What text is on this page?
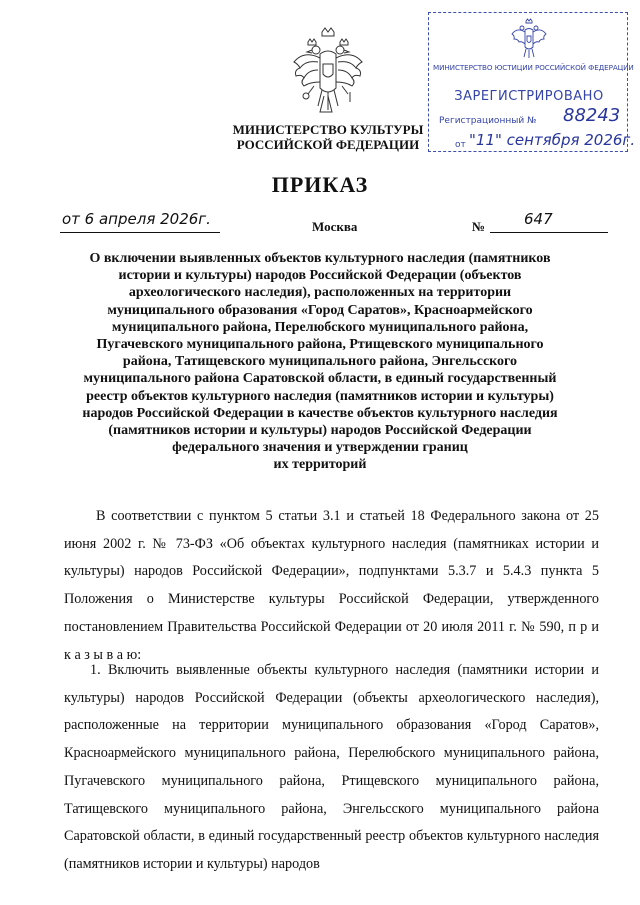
МИНИСТЕРСТВО КУЛЬТУРЫ
РОССИЙСКОЙ ФЕДЕРАЦИИ
МИНИСТЕРСТВО ЮСТИЦИИ РОССИЙСКОЙ ФЕДЕРАЦИИ
ЗАРЕГИСТРИРОВАНО
Регистрационный № 88243
от "11" сентября 2026г.
ПРИКАЗ
от 6 апреля 2026г.	Москва	№	647
О включении выявленных объектов культурного наследия (памятников
истории и культуры) народов Российской Федерации (объектов
археологического наследия), расположенных на территории
муниципального образования «Город Саратов», Красноармейского
муниципального района, Перелюбского муниципального района,
Пугачевского муниципального района, Ртищевского муниципального
района, Татищевского муниципального района, Энгельсского
муниципального района Саратовской области, в единый государственный
реестр объектов культурного наследия (памятников истории и культуры)
народов Российской Федерации в качестве объектов культурного наследия
(памятников истории и культуры) народов Российской Федерации
федерального значения и утверждении границ
их территорий
В соответствии с пунктом 5 статьи 3.1 и статьей 18 Федерального закона от 25 июня 2002 г. № 73-ФЗ «Об объектах культурного наследия (памятниках истории и культуры) народов Российской Федерации», подпунктами 5.3.7 и 5.4.3 пункта 5 Положения о Министерстве культуры Российской Федерации, утвержденного постановлением Правительства Российской Федерации от 20 июля 2011 г. № 590, п р и к а з ы в а ю:
1. Включить выявленные объекты культурного наследия (памятники истории и культуры) народов Российской Федерации (объекты археологического наследия), расположенные на территории муниципального образования «Город Саратов», Красноармейского муниципального района, Перелюбского муниципального района, Пугачевского муниципального района, Ртищевского муниципального района, Татищевского муниципального района, Энгельсского муниципального района Саратовской области, в единый государственный реестр объектов культурного наследия (памятников истории и культуры) народов
